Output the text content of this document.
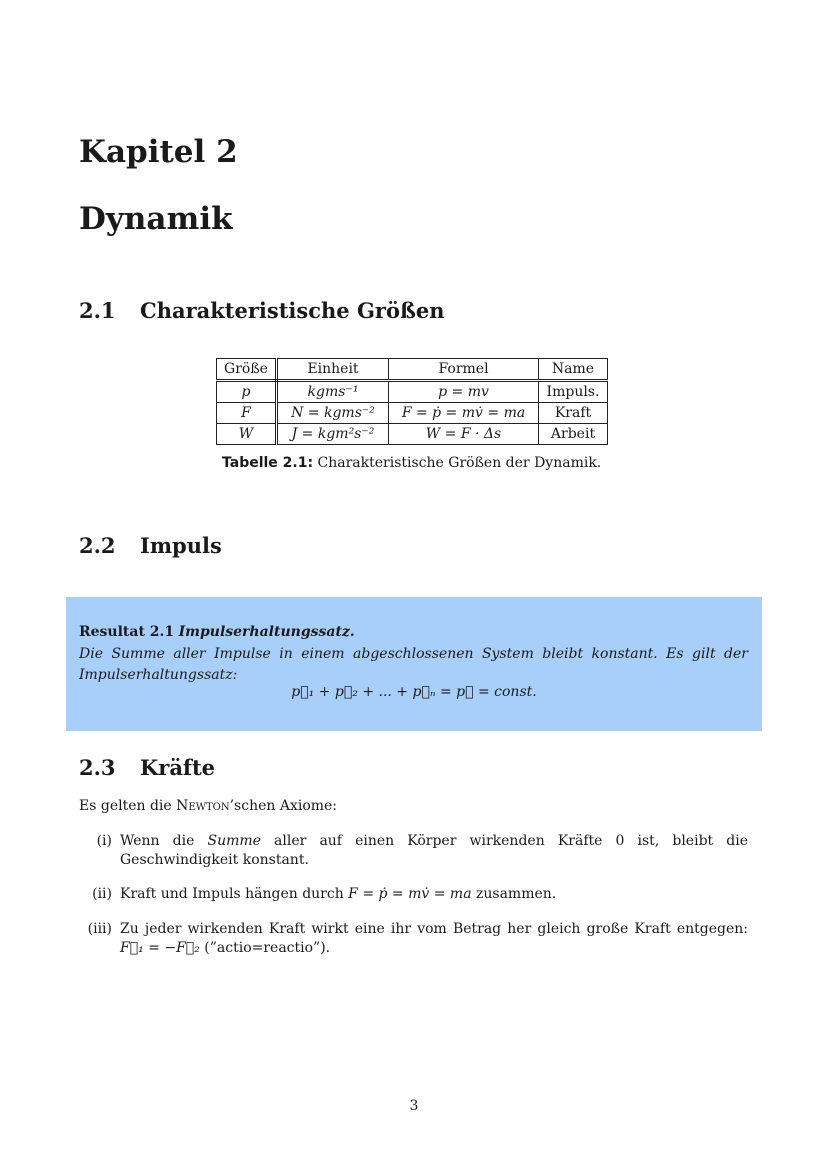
Kapitel 2
Dynamik
2.1 Charakteristische Größen
Größe	Einheit	Formel	Name
p	kgms⁻¹	p = mv	Impuls.
F	N = kgms⁻²	F = ṗ = mv̇ = ma	Kraft
W	J = kgm²s⁻²	W = F · Δs	Arbeit
Tabelle 2.1: Charakteristische Größen der Dynamik.
2.2 Impuls
Resultat 2.1 Impulserhaltungssatz.
Die Summe aller Impulse in einem abgeschlossenen System bleibt konstant. Es gilt der Impulserhaltungssatz:
p⃗₁ + p⃗₂ + ... + p⃗ₙ = p⃗ = const.
2.3 Kräfte
Es gelten die Newton’schen Axiome:
(i) Wenn die Summe aller auf einen Körper wirkenden Kräfte 0 ist, bleibt die Geschwindigkeit konstant.
(ii) Kraft und Impuls hängen durch F = ṗ = mv̇ = ma zusammen.
(iii) Zu jeder wirkenden Kraft wirkt eine ihr vom Betrag her gleich große Kraft entgegen: F⃗₁ = −F⃗₂ (”actio=reactio”).
3
